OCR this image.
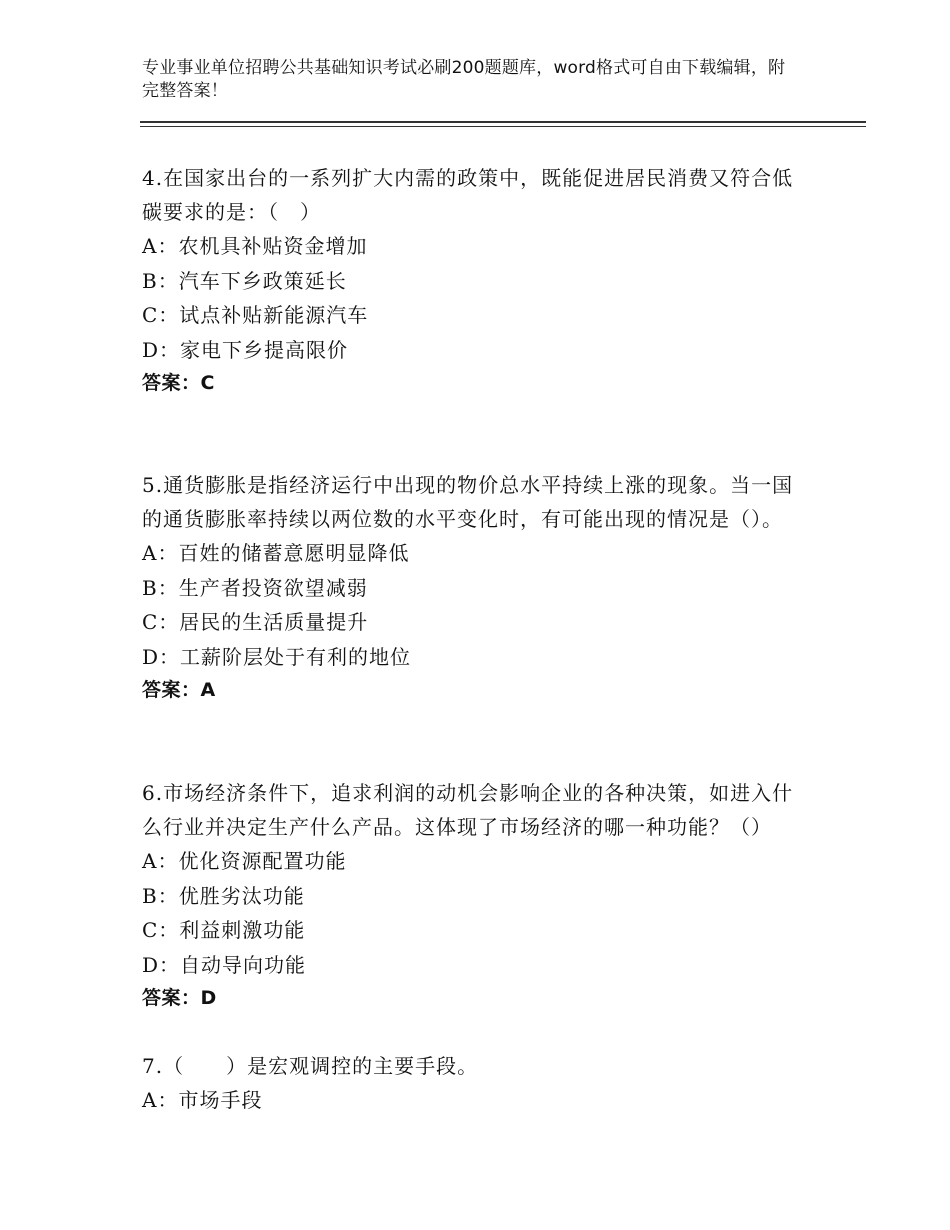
专业事业单位招聘公共基础知识考试必刷200题题库，word格式可自由下载编辑，附完整答案！
4.在国家出台的一系列扩大内需的政策中，既能促进居民消费又符合低碳要求的是：（　）
A：农机具补贴资金增加
B：汽车下乡政策延长
C：试点补贴新能源汽车
D：家电下乡提高限价
答案：C
5.通货膨胀是指经济运行中出现的物价总水平持续上涨的现象。当一国的通货膨胀率持续以两位数的水平变化时，有可能出现的情况是（）。
A：百姓的储蓄意愿明显降低
B：生产者投资欲望减弱
C：居民的生活质量提升
D：工薪阶层处于有利的地位
答案：A
6.市场经济条件下，追求利润的动机会影响企业的各种决策，如进入什么行业并决定生产什么产品。这体现了市场经济的哪一种功能？（）
A：优化资源配置功能
B：优胜劣汰功能
C：利益刺激功能
D：自动导向功能
答案：D
7.（　　）是宏观调控的主要手段。
A：市场手段
